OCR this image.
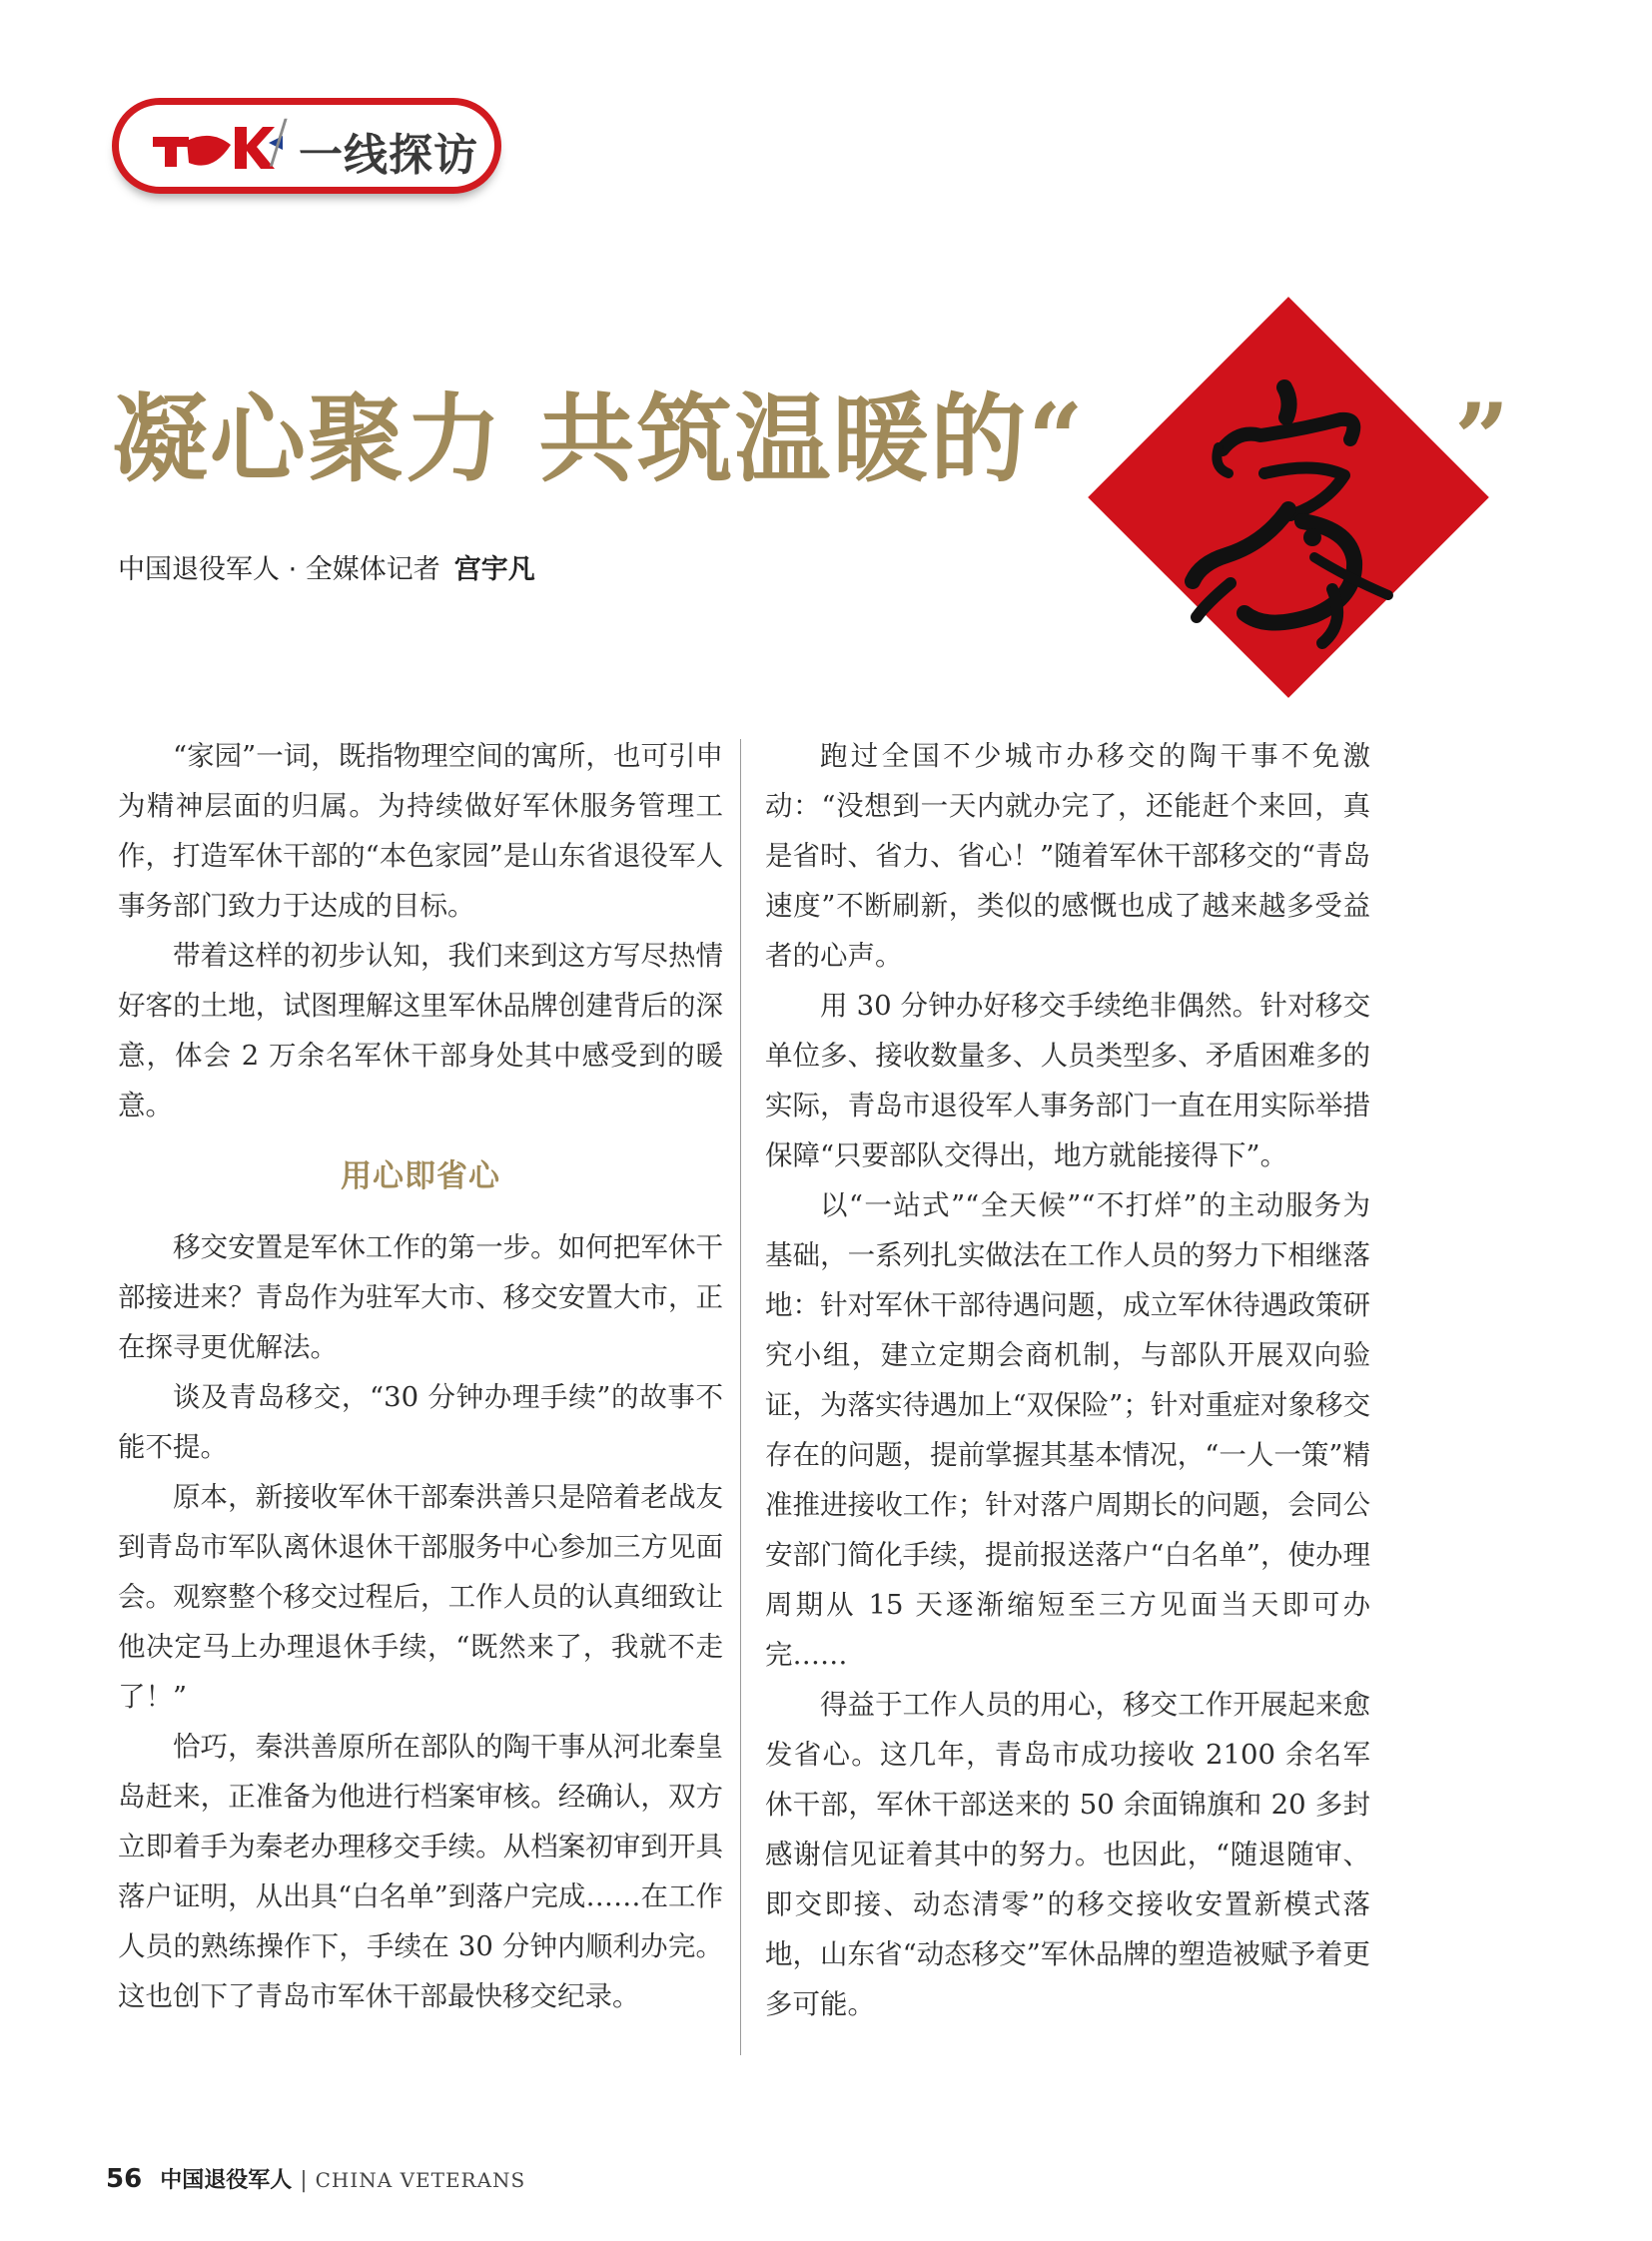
/ 一线探访
凝心聚力 共筑温暖的“	”
中国退役军人 · 全媒体记者 宫宇凡

“家园”一词，既指物理空间的寓所，也可引申为精神层面的归属。为持续做好军休服务管理工作，打造军休干部的“本色家园”是山东省退役军人事务部门致力于达成的目标。

带着这样的初步认知，我们来到这方写尽热情好客的土地，试图理解这里军休品牌创建背后的深意，体会 2 万余名军休干部身处其中感受到的暖意。

用心即省心

移交安置是军休工作的第一步。如何把军休干部接进来？青岛作为驻军大市、移交安置大市，正在探寻更优解法。

谈及青岛移交，“30 分钟办理手续”的故事不能不提。

原本，新接收军休干部秦洪善只是陪着老战友到青岛市军队离休退休干部服务中心参加三方见面会。观察整个移交过程后，工作人员的认真细致让他决定马上办理退休手续，“既然来了，我就不走了！”

恰巧，秦洪善原所在部队的陶干事从河北秦皇岛赶来，正准备为他进行档案审核。经确认，双方立即着手为秦老办理移交手续。从档案初审到开具落户证明，从出具“白名单”到落户完成……在工作人员的熟练操作下，手续在 30 分钟内顺利办完。这也创下了青岛市军休干部最快移交纪录。

跑过全国不少城市办移交的陶干事不免激动：“没想到一天内就办完了，还能赶个来回，真是省时、省力、省心！”随着军休干部移交的“青岛速度”不断刷新，类似的感慨也成了越来越多受益者的心声。

用 30 分钟办好移交手续绝非偶然。针对移交单位多、接收数量多、人员类型多、矛盾困难多的实际，青岛市退役军人事务部门一直在用实际举措保障“只要部队交得出，地方就能接得下”。

以“一站式”“全天候”“不打烊”的主动服务为基础，一系列扎实做法在工作人员的努力下相继落地：针对军休干部待遇问题，成立军休待遇政策研究小组，建立定期会商机制，与部队开展双向验证，为落实待遇加上“双保险”；针对重症对象移交存在的问题，提前掌握其基本情况，“一人一策”精准推进接收工作；针对落户周期长的问题，会同公安部门简化手续，提前报送落户“白名单”，使办理周期从 15 天逐渐缩短至三方见面当天即可办完……

得益于工作人员的用心，移交工作开展起来愈发省心。这几年，青岛市成功接收 2100 余名军休干部，军休干部送来的 50 余面锦旗和 20 多封感谢信见证着其中的努力。也因此，“随退随审、即交即接、动态清零”的移交接收安置新模式落地，山东省“动态移交”军休品牌的塑造被赋予着更多可能。

56 中国退役军人 | CHINA VETERANS
